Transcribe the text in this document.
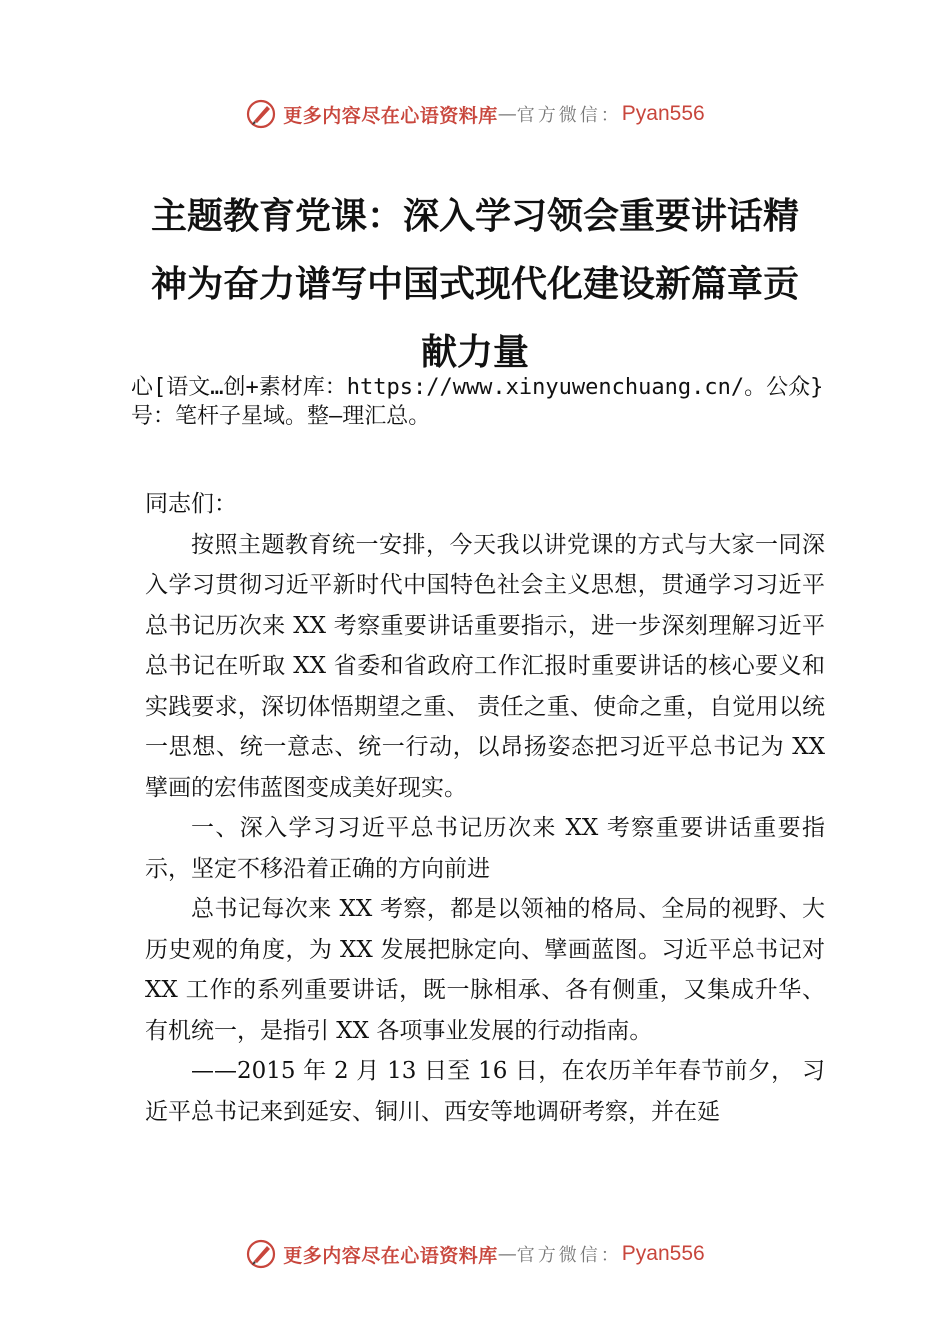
更多内容尽在心语资料库 — 官方微信： Pyan556
主题教育党课：深入学习领会重要讲话精神为奋力谱写中国式现代化建设新篇章贡献力量
心[语文…创+素材库：https://www.xinyuwenchuang.cn/。公众}号：笔杆子星域。整—理汇总。

同志们：

按照主题教育统一安排，今天我以讲党课的方式与大家一同深入学习贯彻习近平新时代中国特色社会主义思想，贯通学习习近平总书记历次来 XX 考察重要讲话重要指示，进一步深刻理解习近平总书记在听取 XX 省委和省政府工作汇报时重要讲话的核心要义和实践要求，深切体悟期望之重、 责任之重、使命之重，自觉用以统一思想、统一意志、统一行动，以昂扬姿态把习近平总书记为 XX 擘画的宏伟蓝图变成美好现实。

一、深入学习习近平总书记历次来 XX 考察重要讲话重要指示，坚定不移沿着正确的方向前进

总书记每次来 XX 考察，都是以领袖的格局、全局的视野、大历史观的角度，为 XX 发展把脉定向、擘画蓝图。习近平总书记对 XX 工作的系列重要讲话，既一脉相承、各有侧重，又集成升华、有机统一，是指引 XX 各项事业发展的行动指南。

——2015 年 2 月 13 日至 16 日，在农历羊年春节前夕， 习近平总书记来到延安、铜川、西安等地调研考察，并在延

更多内容尽在心语资料库 — 官方微信： Pyan556
